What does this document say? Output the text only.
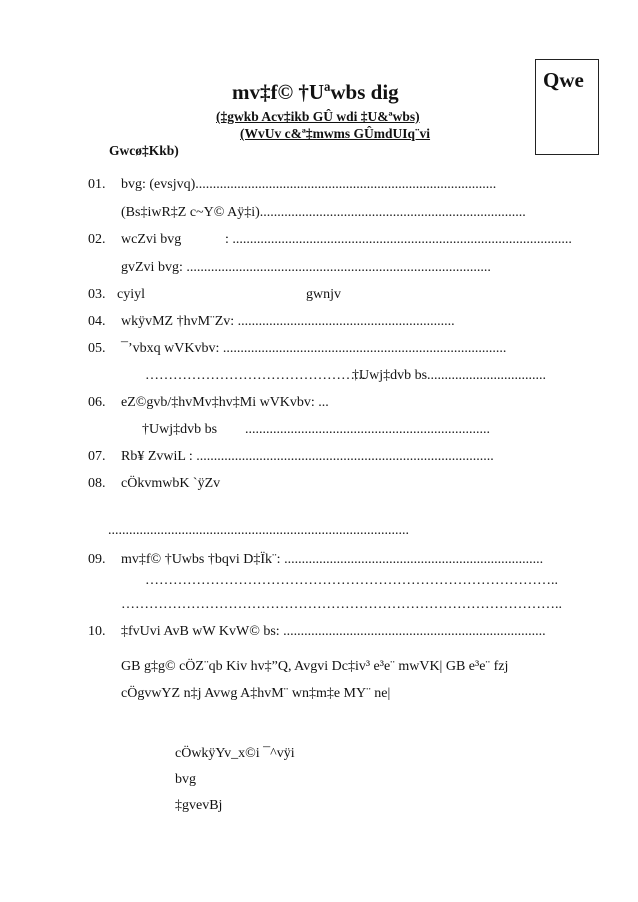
mv‡f© †Uªwbs dig
(‡gwkb Acv‡ikb GÛ wdi ‡U&ªwbs)
(WvUv c&ª‡mwms GÛmdUIq¨vi
Gwcø‡Kkb)
Qwe
01.	bvg: (evsjvq)......................................................................................
(Bs‡iwR‡Z c~Y© Aÿ‡i)............................................................................
02.	wcZvi bvg	: .................................................................................................
gvZvi bvg: .......................................................................................
03. cyiyl	gwnjv
04.	wkÿvMZ †hvM¨Zv: ..............................................................
05.	¯’vbxq wVKvbv: .................................................................................
………………………………………...
†Uwj‡dvb bs..................................
06.	eZ©gvb/‡hvMv‡hv‡Mi wVKvbv: ...
†Uwj‡dvb bs ......................................................................
07.	Rb¥ ZvwiL : .....................................................................................
08.	cÖkvmwbK `ÿZv
......................................................................................
09.	mv‡f© †Uwbs †bqvi D‡Ïk¨: ..........................................................................
……………………………………………………………………………..
…………………………………………………………………………………..
10.	‡fvUvi AvB wW KvW© bs: ...........................................................................
GB g‡g© cÖZ¨qb Kiv hv‡”Q, Avgvi Dc‡iv³ e³e¨ mwVK| GB e³e¨ fzj
cÖgvwYZ n‡j Avwg A‡hvM¨ wn‡m‡e MY¨ ne|
cÖwkÿYv_x©i ¯^vÿi
bvg
‡gvevBj
